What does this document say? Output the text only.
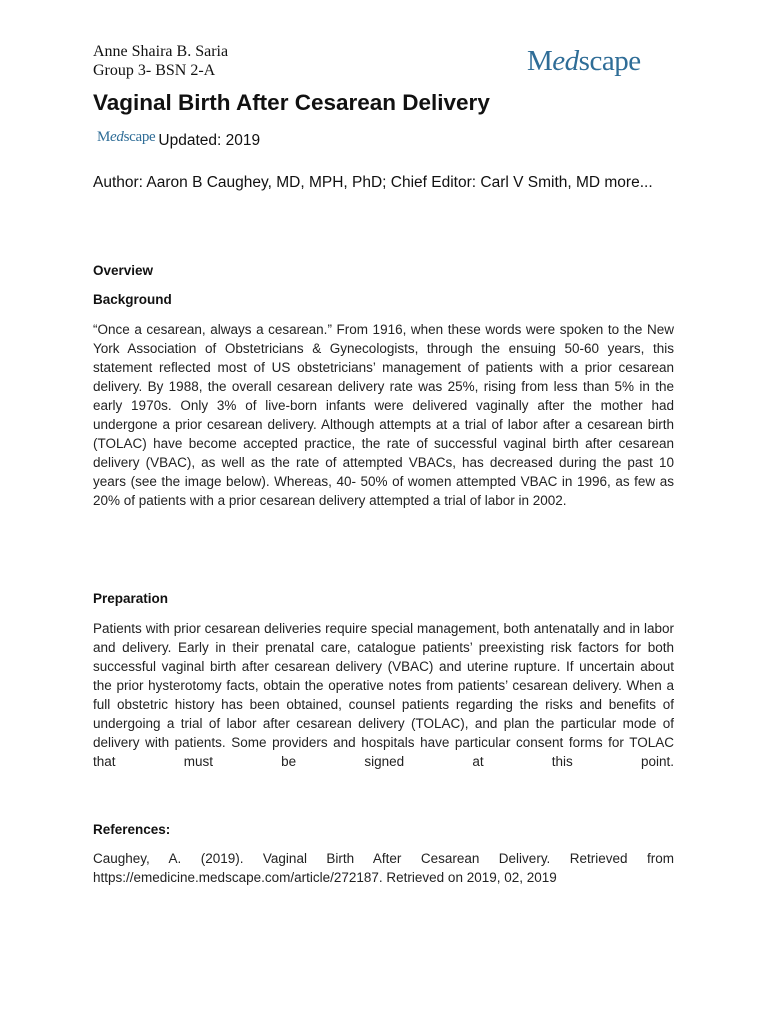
Anne Shaira B. Saria
Group 3- BSN 2-A	Medscape
Vaginal Birth After Cesarean Delivery
Medscape Updated: 2019
Author: Aaron B Caughey, MD, MPH, PhD; Chief Editor: Carl V Smith, MD more...
Overview
Background

“Once a cesarean, always a cesarean.” From 1916, when these words were spoken to the New York Association of Obstetricians & Gynecologists, through the ensuing 50-60 years, this statement reflected most of US obstetricians’ management of patients with a prior cesarean delivery. By 1988, the overall cesarean delivery rate was 25%, rising from less than 5% in the early 1970s. Only 3% of live-born infants were delivered vaginally after the mother had undergone a prior cesarean delivery. Although attempts at a trial of labor after a cesarean birth (TOLAC) have become accepted practice, the rate of successful vaginal birth after cesarean delivery (VBAC), as well as the rate of attempted VBACs, has decreased during the past 10 years (see the image below). Whereas, 40- 50% of women attempted VBAC in 1996, as few as 20% of patients with a prior cesarean delivery attempted a trial of labor in 2002.

Preparation

Patients with prior cesarean deliveries require special management, both antenatally and in labor and delivery. Early in their prenatal care, catalogue patients’ preexisting risk factors for both successful vaginal birth after cesarean delivery (VBAC) and uterine rupture. If uncertain about the prior hysterotomy facts, obtain the operative notes from patients’ cesarean delivery. When a full obstetric history has been obtained, counsel patients regarding the risks and benefits of undergoing a trial of labor after cesarean delivery (TOLAC), and plan the particular mode of delivery with patients. Some providers and hospitals have particular consent forms for TOLAC that must be signed at this point.

References:

Caughey, A. (2019). Vaginal Birth After Cesarean Delivery. Retrieved from https://emedicine.medscape.com/article/272187. Retrieved on 2019, 02, 2019
